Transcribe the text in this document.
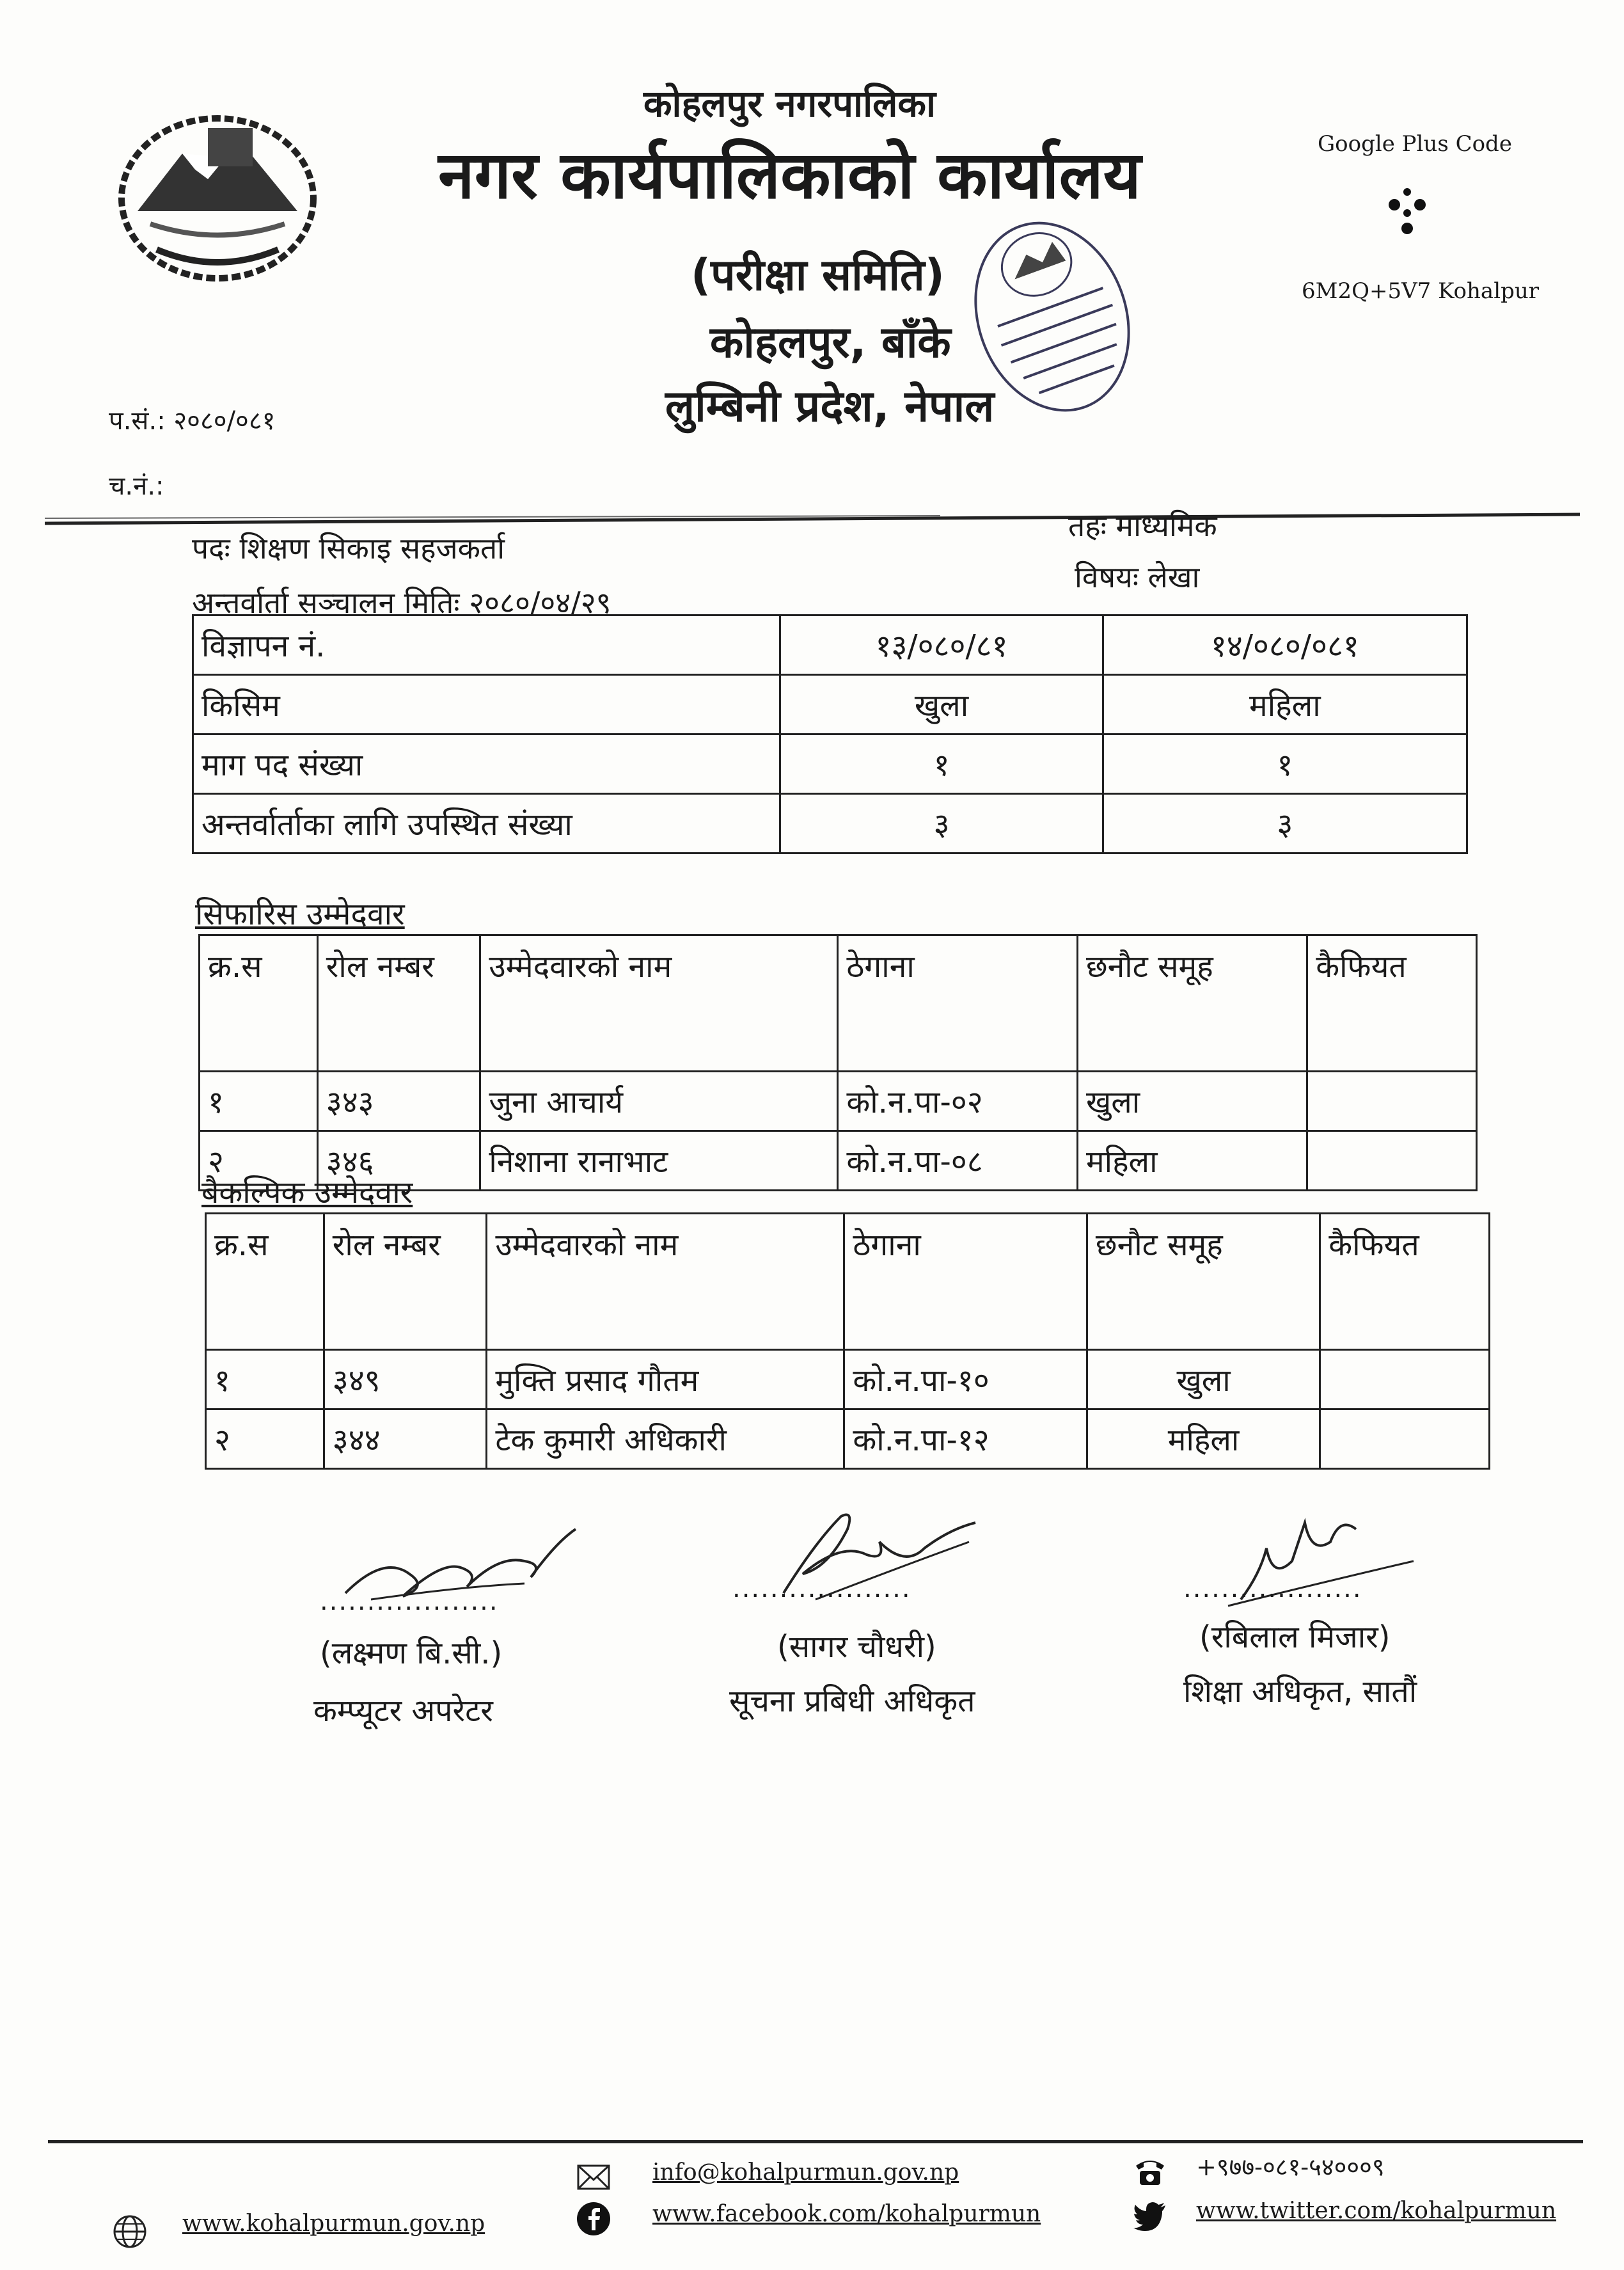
कोहलपुर नगरपालिका
नगर कार्यपालिकाको कार्यालय
(परीक्षा समिति)
कोहलपुर, बाँके
लुम्बिनी प्रदेश, नेपाल
Google Plus Code
6M2Q+5V7 Kohalpur
प.सं.: २०८०/०८१
च.नं.:
पदः शिक्षण सिकाइ सहजकर्ता
तहः माध्यमिक
अन्तर्वार्ता सञ्चालन मितिः २०८०/०४/२९
विषयः लेखा
विज्ञापन नं.	१३/०८०/८१	१४/०८०/०८१
किसिम	खुला	महिला
माग पद संख्या	१	१
अन्तर्वार्ताका लागि उपस्थित संख्या	३	३
सिफारिस उम्मेदवार
क्र.स	रोल नम्बर	उम्मेदवारको नाम	ठेगाना	छनौट समूह	कैफियत
१	३४३	जुना आचार्य	को.न.पा-०२	खुला	
२	३४६	निशाना रानाभाट	को.न.पा-०८	महिला	
बैकल्पिक उम्मेदवार
क्र.स	रोल नम्बर	उम्मेदवारको नाम	ठेगाना	छनौट समूह	कैफियत
१	३४९	मुक्ति प्रसाद गौतम	को.न.पा-१०	खुला	
२	३४४	टेक कुमारी अधिकारी	को.न.पा-१२	महिला	
...................	...................	...................
(लक्ष्मण बि.सी.)
कम्प्यूटर अपरेटर
(सागर चौधरी)
सूचना प्रबिधी अधिकृत
(रबिलाल मिजार)
शिक्षा अधिकृत, सातौं
www.kohalpurmun.gov.np
info@kohalpurmun.gov.np
www.facebook.com/kohalpurmun
+९७७-०८१-५४०००९
www.twitter.com/kohalpurmun
